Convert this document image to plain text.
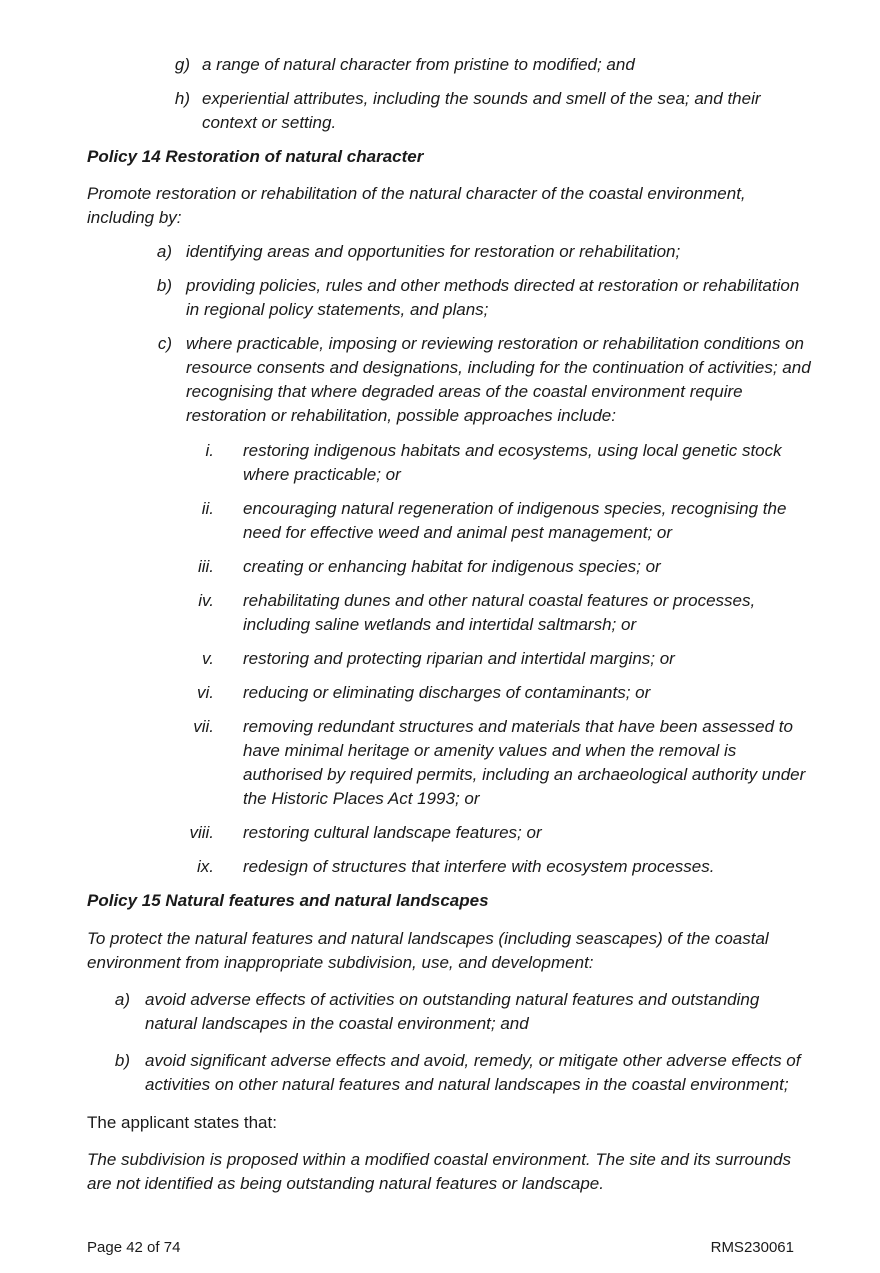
g) a range of natural character from pristine to modified; and
h) experiential attributes, including the sounds and smell of the sea; and their
context or setting.
Policy 14 Restoration of natural character
Promote restoration or rehabilitation of the natural character of the coastal environment,
including by:
a) identifying areas and opportunities for restoration or rehabilitation;
b) providing policies, rules and other methods directed at restoration or rehabilitation
in regional policy statements, and plans;
c) where practicable, imposing or reviewing restoration or rehabilitation conditions on
resource consents and designations, including for the continuation of activities; and
recognising that where degraded areas of the coastal environment require
restoration or rehabilitation, possible approaches include:
i. restoring indigenous habitats and ecosystems, using local genetic stock
where practicable; or
ii. encouraging natural regeneration of indigenous species, recognising the
need for effective weed and animal pest management; or
iii. creating or enhancing habitat for indigenous species; or
iv. rehabilitating dunes and other natural coastal features or processes,
including saline wetlands and intertidal saltmarsh; or
v. restoring and protecting riparian and intertidal margins; or
vi. reducing or eliminating discharges of contaminants; or
vii. removing redundant structures and materials that have been assessed to
have minimal heritage or amenity values and when the removal is
authorised by required permits, including an archaeological authority under
the Historic Places Act 1993; or
viii. restoring cultural landscape features; or
ix. redesign of structures that interfere with ecosystem processes.
Policy 15 Natural features and natural landscapes
To protect the natural features and natural landscapes (including seascapes) of the coastal
environment from inappropriate subdivision, use, and development:
a) avoid adverse effects of activities on outstanding natural features and outstanding
natural landscapes in the coastal environment; and
b) avoid significant adverse effects and avoid, remedy, or mitigate other adverse effects of
activities on other natural features and natural landscapes in the coastal environment;
The applicant states that:
The subdivision is proposed within a modified coastal environment. The site and its surrounds
are not identified as being outstanding natural features or landscape.
Page 42 of 74	RMS230061
